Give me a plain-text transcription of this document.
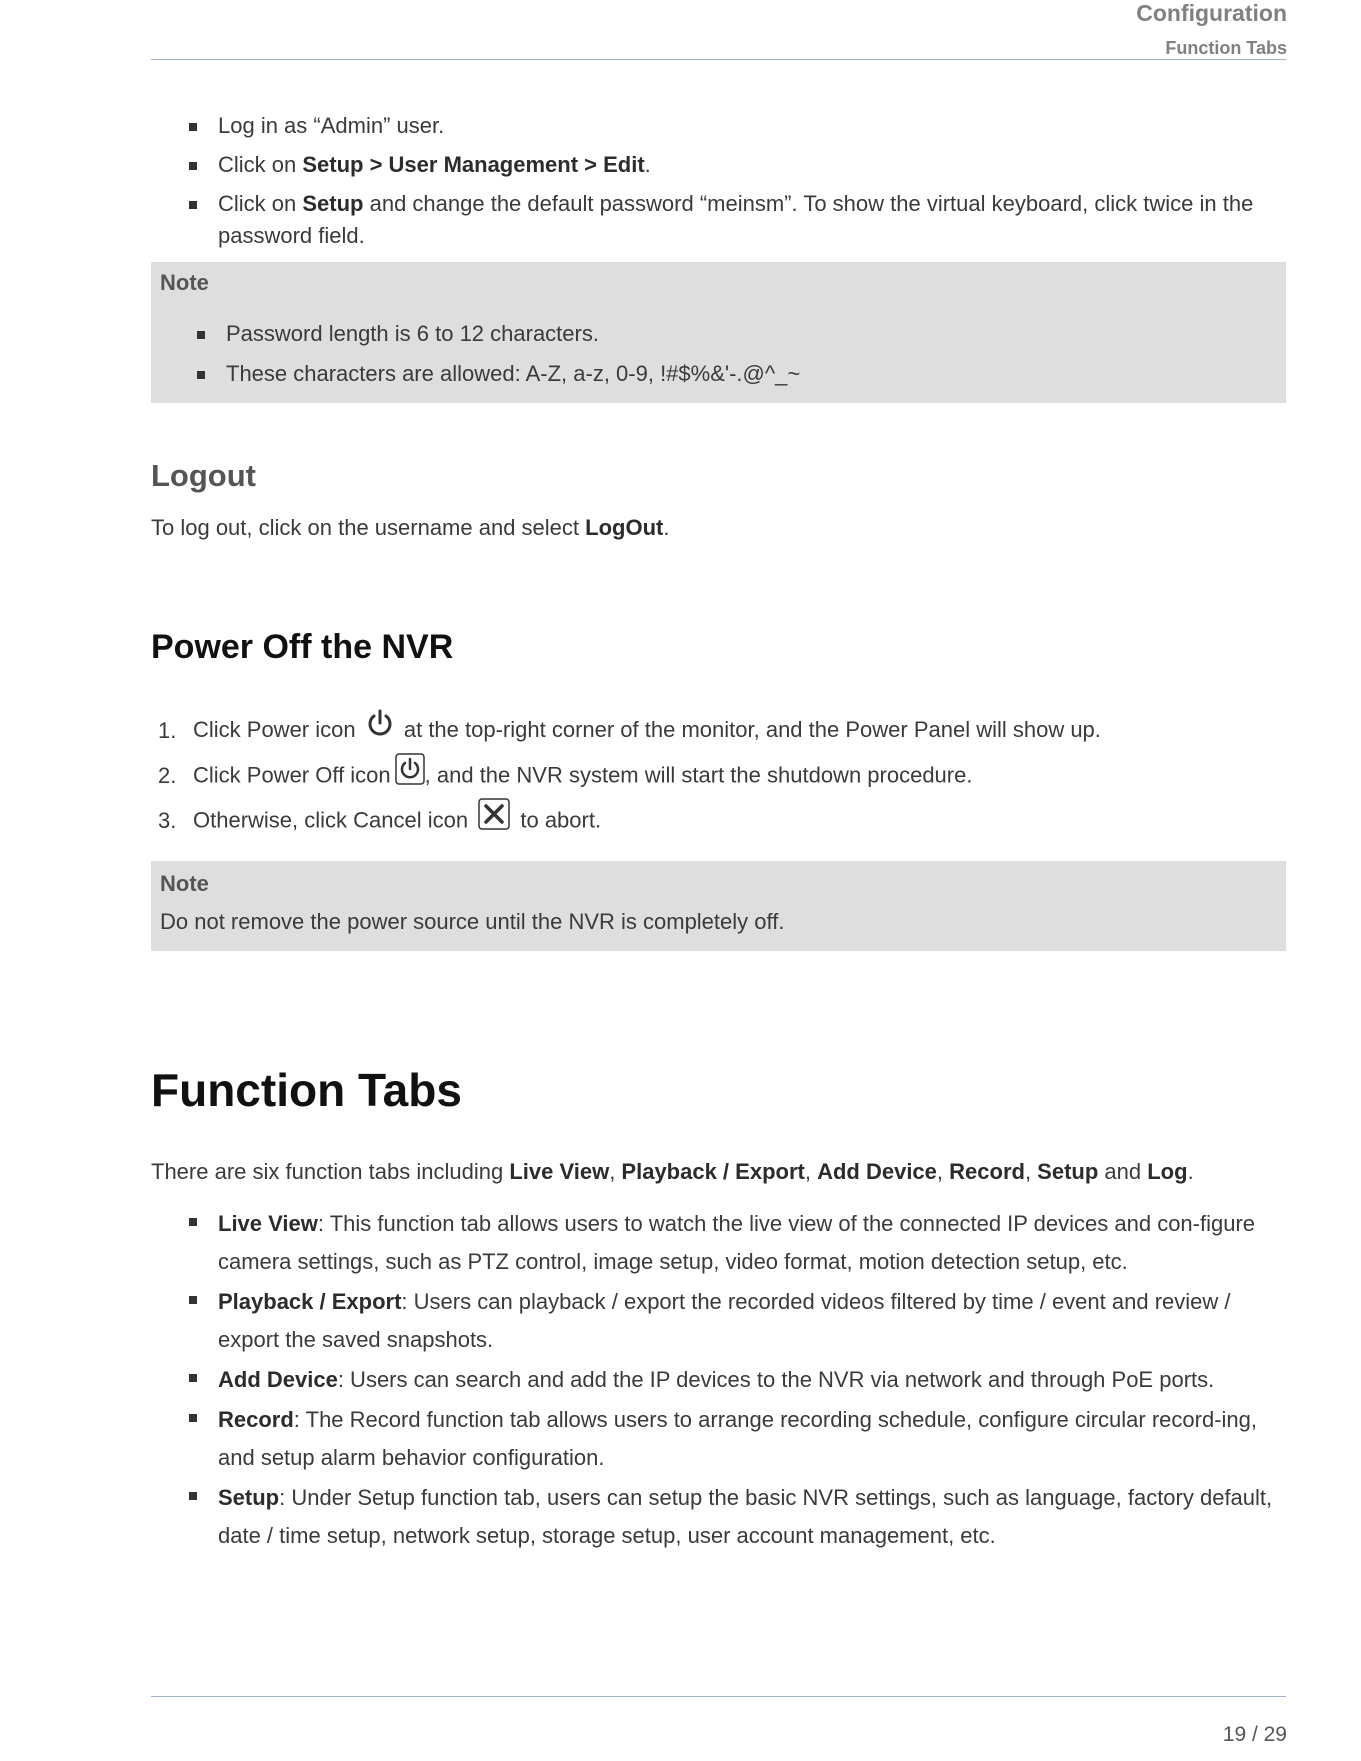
Configuration
Function Tabs
Log in as “Admin” user.
Click on Setup > User Management > Edit.
Click on Setup and change the default password “meinsm”. To show the virtual keyboard, click twice in the password field.
Note
Password length is 6 to 12 characters.
These characters are allowed: A-Z, a-z, 0-9, !#$%&'-.@^_~
Logout
To log out, click on the username and select LogOut.
Power Off the NVR
1. Click Power icon at the top-right corner of the monitor, and the Power Panel will show up.
2. Click Power Off icon , and the NVR system will start the shutdown procedure.
3. Otherwise, click Cancel icon to abort.
Note
Do not remove the power source until the NVR is completely off.
Function Tabs
There are six function tabs including Live View, Playback / Export, Add Device, Record, Setup and Log.
Live View: This function tab allows users to watch the live view of the connected IP devices and con-figure camera settings, such as PTZ control, image setup, video format, motion detection setup, etc.
Playback / Export: Users can playback / export the recorded videos filtered by time / event and review / export the saved snapshots.
Add Device: Users can search and add the IP devices to the NVR via network and through PoE ports.
Record: The Record function tab allows users to arrange recording schedule, configure circular record-ing, and setup alarm behavior configuration.
Setup: Under Setup function tab, users can setup the basic NVR settings, such as language, factory default, date / time setup, network setup, storage setup, user account management, etc.
19 / 29
